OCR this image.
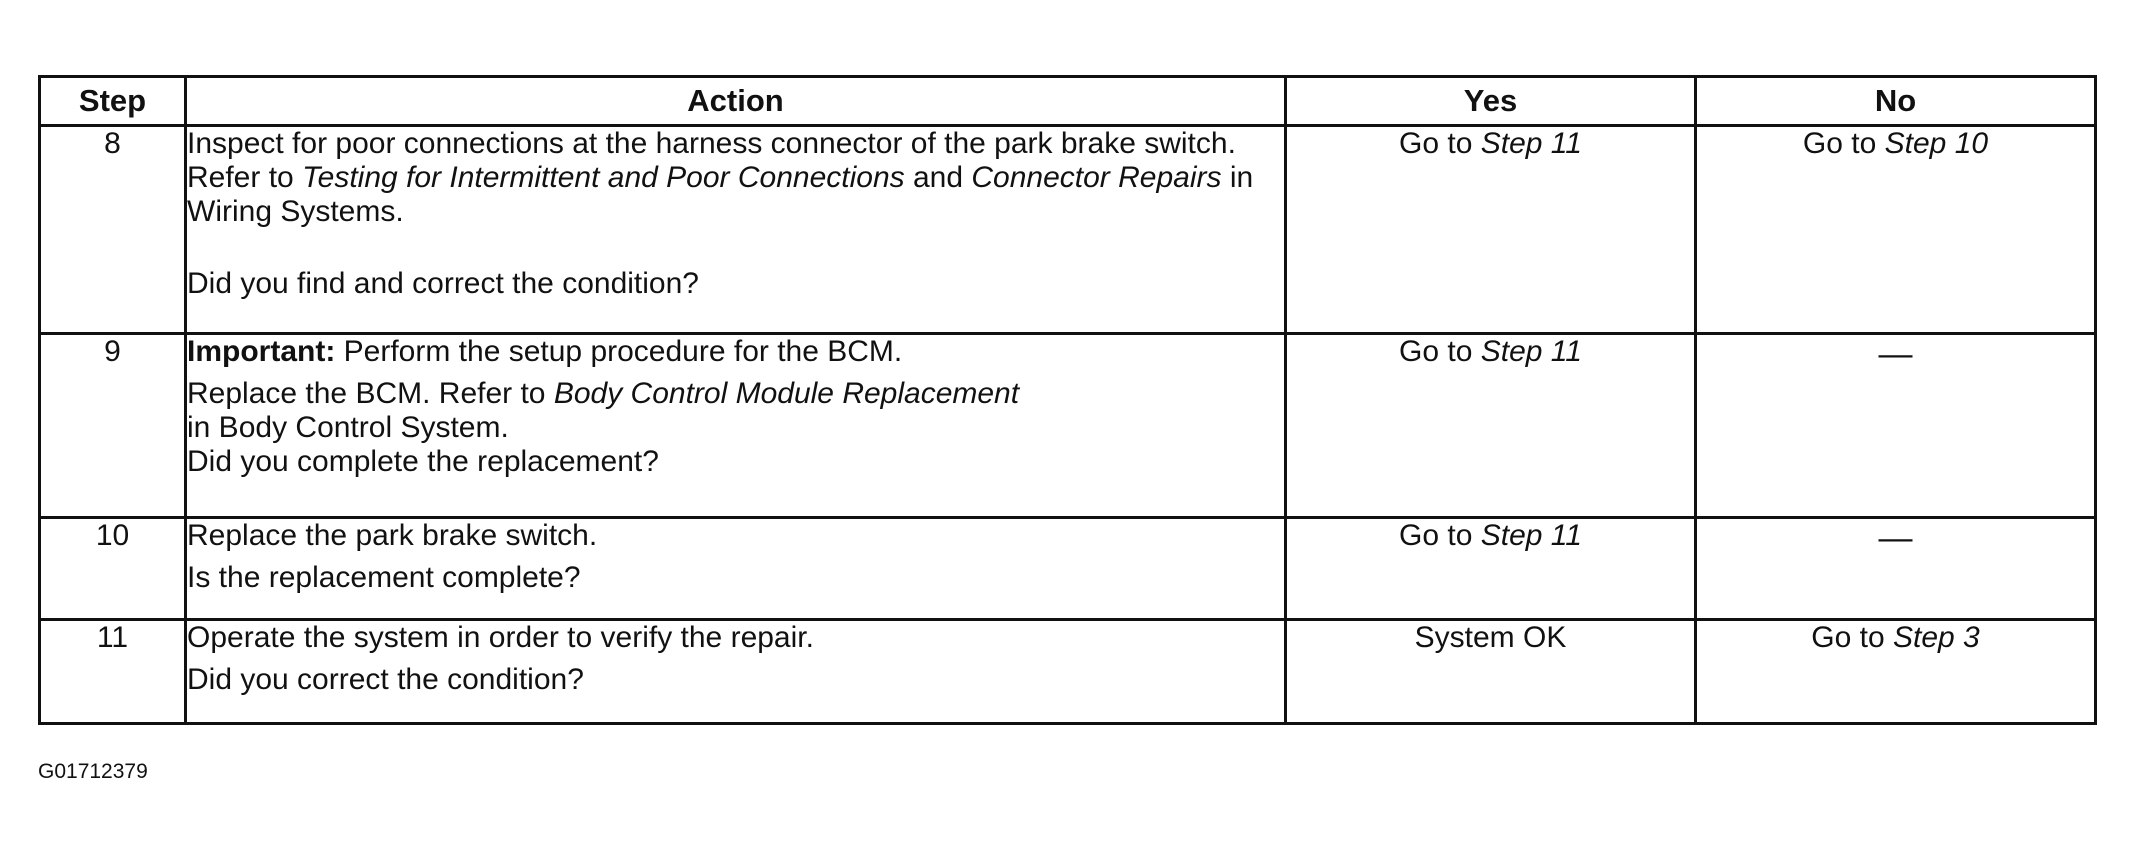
Step	Action	Yes	No
8	Inspect for poor connections at the harness connector of the park brake switch. Refer to Testing for Intermittent and Poor Connections and Connector Repairs in Wiring Systems.

Did you find and correct the condition?	Go to Step 11	Go to Step 10
9	Important: Perform the setup procedure for the BCM.

Replace the BCM. Refer to Body Control Module Replacement
in Body Control System.

Did you complete the replacement?	Go to Step 11	—
10	Replace the park brake switch.

Is the replacement complete?	Go to Step 11	—
11	Operate the system in order to verify the repair.

Did you correct the condition?	System OK	Go to Step 3
G01712379
